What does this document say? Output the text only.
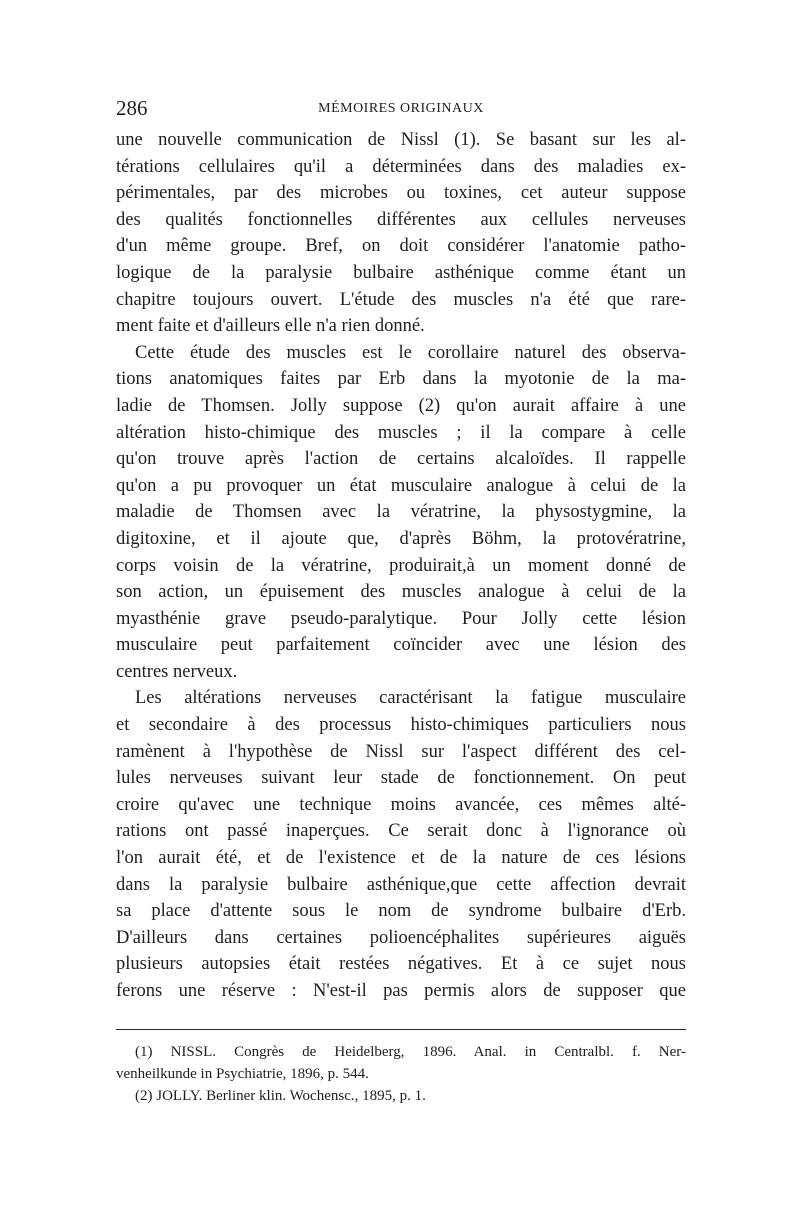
286	MÉMOIRES ORIGINAUX
une nouvelle communication de Nissl (1). Se basant sur les al-
térations cellulaires qu'il a déterminées dans des maladies ex-
périmentales, par des microbes ou toxines, cet auteur suppose
des qualités fonctionnelles différentes aux cellules nerveuses
d'un même groupe. Bref, on doit considérer l'anatomie patho-
logique de la paralysie bulbaire asthénique comme étant un
chapitre toujours ouvert. L'étude des muscles n'a été que rare-
ment faite et d'ailleurs elle n'a rien donné.
Cette étude des muscles est le corollaire naturel des observa-
tions anatomiques faites par Erb dans la myotonie de la ma-
ladie de Thomsen. Jolly suppose (2) qu'on aurait affaire à une
altération histo-chimique des muscles ; il la compare à celle
qu'on trouve après l'action de certains alcaloïdes. Il rappelle
qu'on a pu provoquer un état musculaire analogue à celui de la
maladie de Thomsen avec la vératrine, la physostygmine, la
digitoxine, et il ajoute que, d'après Böhm, la protovératrine,
corps voisin de la vératrine, produirait,à un moment donné de
son action, un épuisement des muscles analogue à celui de la
myasthénie grave pseudo-paralytique. Pour Jolly cette lésion
musculaire peut parfaitement coïncider avec une lésion des
centres nerveux.
Les altérations nerveuses caractérisant la fatigue musculaire
et secondaire à des processus histo-chimiques particuliers nous
ramènent à l'hypothèse de Nissl sur l'aspect différent des cel-
lules nerveuses suivant leur stade de fonctionnement. On peut
croire qu'avec une technique moins avancée, ces mêmes alté-
rations ont passé inaperçues. Ce serait donc à l'ignorance où
l'on aurait été, et de l'existence et de la nature de ces lésions
dans la paralysie bulbaire asthénique,que cette affection devrait
sa place d'attente sous le nom de syndrome bulbaire d'Erb.
D'ailleurs dans certaines polioencéphalites supérieures aiguës
plusieurs autopsies était restées négatives. Et à ce sujet nous
ferons une réserve : N'est-il pas permis alors de supposer que
(1) NISSL. Congrès de Heidelberg, 1896. Anal. in Centralbl. f. Ner-
venheilkunde in Psychiatrie, 1896, p. 544.
(2) JOLLY. Berliner klin. Wochensc., 1895, p. 1.
